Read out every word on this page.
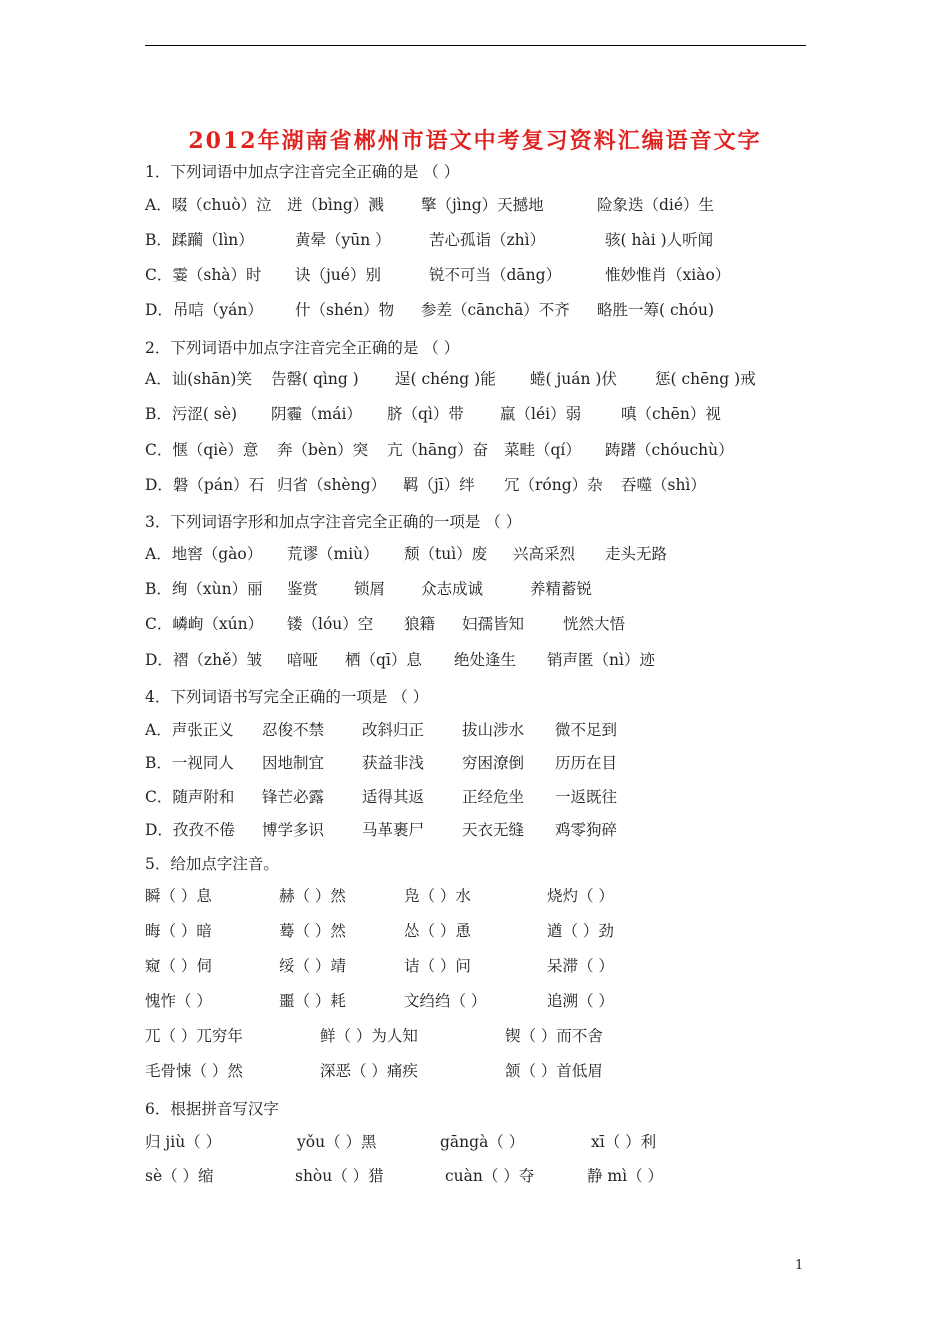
2012年湖南省郴州市语文中考复习资料汇编语音文字
1．下列词语中加点字注音完全正确的是 （ ）
A．啜（chuò）泣 迸（bìng）溅 擎（jìng）天撼地	险象迭（dié）生
B．蹂躏（lìn）	黄晕（yūn ） 苦心孤诣（zhì）	骇( hài )人听闻
C．霎（shà）时 诀（jué）别	锐不可当（dāng）	惟妙惟肖（xiào）
D．吊唁（yán） 什（shén）物 参差（cānchā）不齐 略胜一筹( chóu)
2．下列词语中加点字注音完全正确的是 （ ）
A．讪(shān)笑 告罄( qìng ) 逞( chéng )能 蜷( juán )伏 惩( chēng )戒
B．污涩( sè) 阴霾（mái） 脐（qì）带 羸（léi）弱	嗔（chēn）视
C．惬（qiè）意 奔（bèn）突 亢（hāng）奋 菜畦（qí） 踌躇（chóuchù）
D．磐（pán）石 归省（shèng） 羁（jī）绊 冗（róng）杂 吞噬（shì）
3．下列词语字形和加点字注音完全正确的一项是 （ ）
A．地窖（gào） 荒谬（miù） 颓（tuì）废 兴高采烈 走头无路
B．绚（xùn）丽 鉴赏 锁屑 众志成诚	养精蓄锐
C．嶙峋（xún） 镂（lóu）空 狼籍 妇孺皆知	恍然大悟
D．褶（zhě）皱 喑哑 栖（qī）息 绝处逢生 销声匿（nì）迹
4．下列词语书写完全正确的一项是 （ ）
A．声张正义 忍俊不禁 改斜归正 拔山涉水 微不足到
B．一视同人 因地制宜 获益非浅 穷困潦倒 历历在目
C．随声附和 锋芒必露 适得其返 正经危坐 一返既往
D．孜孜不倦 博学多识 马革裹尸 天衣无缝 鸡零狗碎
5．给加点字注音。
瞬（ ）息	赫（ ）然	凫（ ）水	烧灼（ ）
晦（ ）暗	蓦（ ）然	怂（ ）恿	遒（ ）劲
窥（ ）伺	绥（ ）靖	诘（ ）问	呆滞（ ）
愧怍（ ）	噩（ ）耗	文绉绉（ ）	追溯（ ）
兀（ ）兀穷年	鲜（ ）为人知	锲（ ）而不舍
毛骨悚（ ）然	深恶（ ）痛疾	颔（ ）首低眉
6．根据拼音写汉字
归 jiù（ ）	yǒu（ ）黑	gāngà（ ）	xī（ ）利
sè（ ）缩	shòu（ ）猎	cuàn（ ）夺	静 mì（ ）
1
